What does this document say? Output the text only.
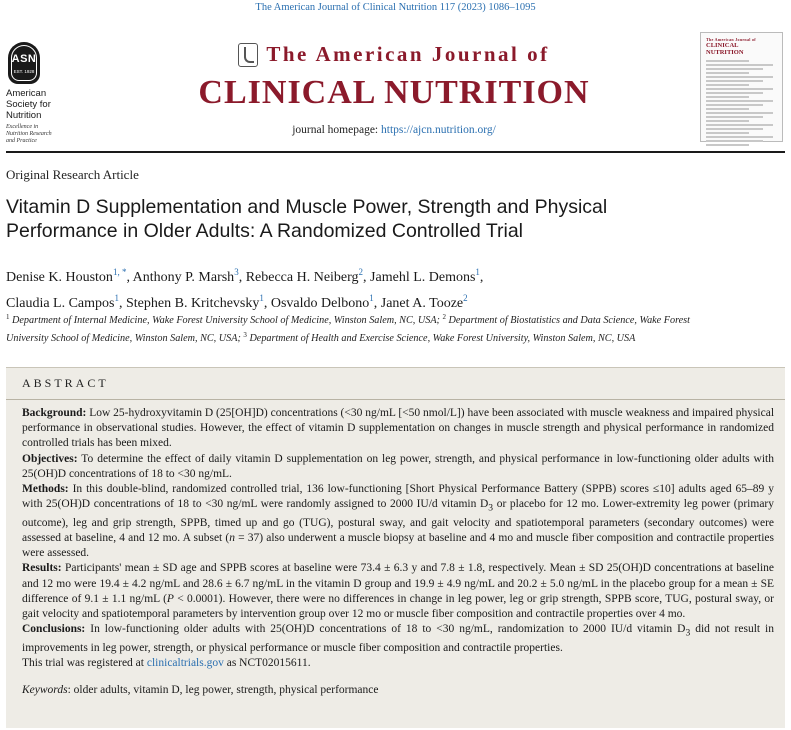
The American Journal of Clinical Nutrition 117 (2023) 1086–1095
ASN
EST. 1928
American
Society for
Nutrition
Excellence in
Nutrition Research
and Practice
The American Journal of
CLINICAL NUTRITION
journal homepage: https://ajcn.nutrition.org/
The American Journal of
CLINICAL NUTRITION
Original Research Article
Vitamin D Supplementation and Muscle Power, Strength and Physical Performance in Older Adults: A Randomized Controlled Trial
Denise K. Houston$^{1, *}$, Anthony P. Marsh$^3$, Rebecca H. Neiberg$^2$, Jamehl L. Demons$^1$,
Claudia L. Campos$^1$, Stephen B. Kritchevsky$^1$, Osvaldo Delbono$^1$, Janet A. Tooze$^2$
$^1$ Department of Internal Medicine, Wake Forest University School of Medicine, Winston Salem, NC, USA; $^2$ Department of Biostatistics and Data Science, Wake Forest University School of Medicine, Winston Salem, NC, USA; $^3$ Department of Health and Exercise Science, Wake Forest University, Winston Salem, NC, USA
ABSTRACT

Background: Low 25-hydroxyvitamin D (25[OH]D) concentrations (<30 ng/mL [<50 nmol/L]) have been associated with muscle weakness and impaired physical performance in observational studies. However, the effect of vitamin D supplementation on changes in muscle strength and physical performance in randomized controlled trials has been mixed.

Objectives: To determine the effect of daily vitamin D supplementation on leg power, strength, and physical performance in low-functioning older adults with 25(OH)D concentrations of 18 to <30 ng/mL.

Methods: In this double-blind, randomized controlled trial, 136 low-functioning [Short Physical Performance Battery (SPPB) scores ≤10] adults aged 65–89 y with 25(OH)D concentrations of 18 to <30 ng/mL were randomly assigned to 2000 IU/d vitamin $D_3$ or placebo for 12 mo. Lower-extremity leg power (primary outcome), leg and grip strength, SPPB, timed up and go (TUG), postural sway, and gait velocity and spatiotemporal parameters (secondary outcomes) were assessed at baseline, 4 and 12 mo. A subset (n = 37) also underwent a muscle biopsy at baseline and 4 mo and muscle fiber composition and contractile properties were assessed.

Results: Participants' mean ± SD age and SPPB scores at baseline were 73.4 ± 6.3 y and 7.8 ± 1.8, respectively. Mean ± SD 25(OH)D concentrations at baseline and 12 mo were 19.4 ± 4.2 ng/mL and 28.6 ± 6.7 ng/mL in the vitamin D group and 19.9 ± 4.9 ng/mL and 20.2 ± 5.0 ng/mL in the placebo group for a mean ± SE difference of 9.1 ± 1.1 ng/mL (P < 0.0001). However, there were no differences in change in leg power, leg or grip strength, SPPB score, TUG, postural sway, or gait velocity and spatiotemporal parameters by intervention group over 12 mo or muscle fiber composition and contractile properties over 4 mo.

Conclusions: In low-functioning older adults with 25(OH)D concentrations of 18 to <30 ng/mL, randomization to 2000 IU/d vitamin $D_3$ did not result in improvements in leg power, strength, or physical performance or muscle fiber composition and contractile properties.

This trial was registered at clinicaltrials.gov as NCT02015611.

Keywords: older adults, vitamin D, leg power, strength, physical performance
